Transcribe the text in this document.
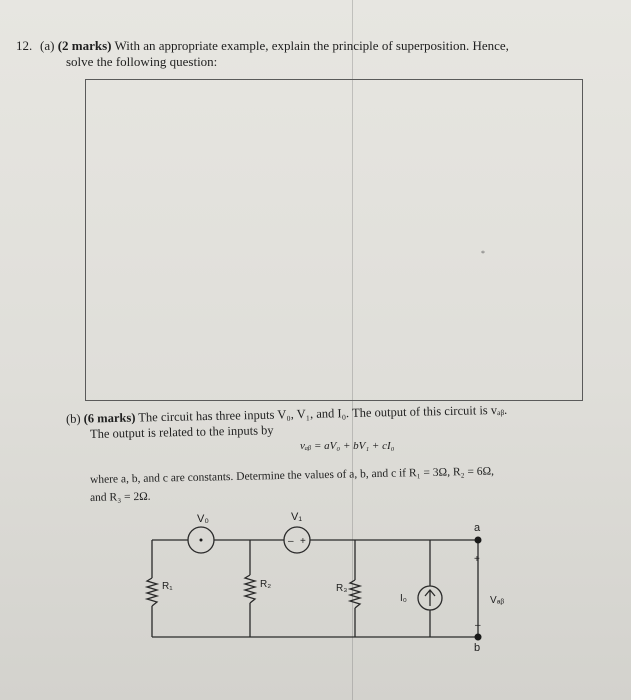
12. (a) (2 marks) With an appropriate example, explain the principle of superposition. Hence,
solve the following question:
*
(b) (6 marks) The circuit has three inputs V₀, V₁, and I₀. The output of this circuit is vₐᵦ.
The output is related to the inputs by
vₐᵦ = aV₀ + bV₁ + cI₀
where a, b, and c are constants. Determine the values of a, b, and c if R₁ = 3Ω, R₂ = 6Ω,
and R₃ = 2Ω.
V₀	V₁
– +
R₁	R₂	R₃
I₀
a
+
Vₐᵦ
–
b
